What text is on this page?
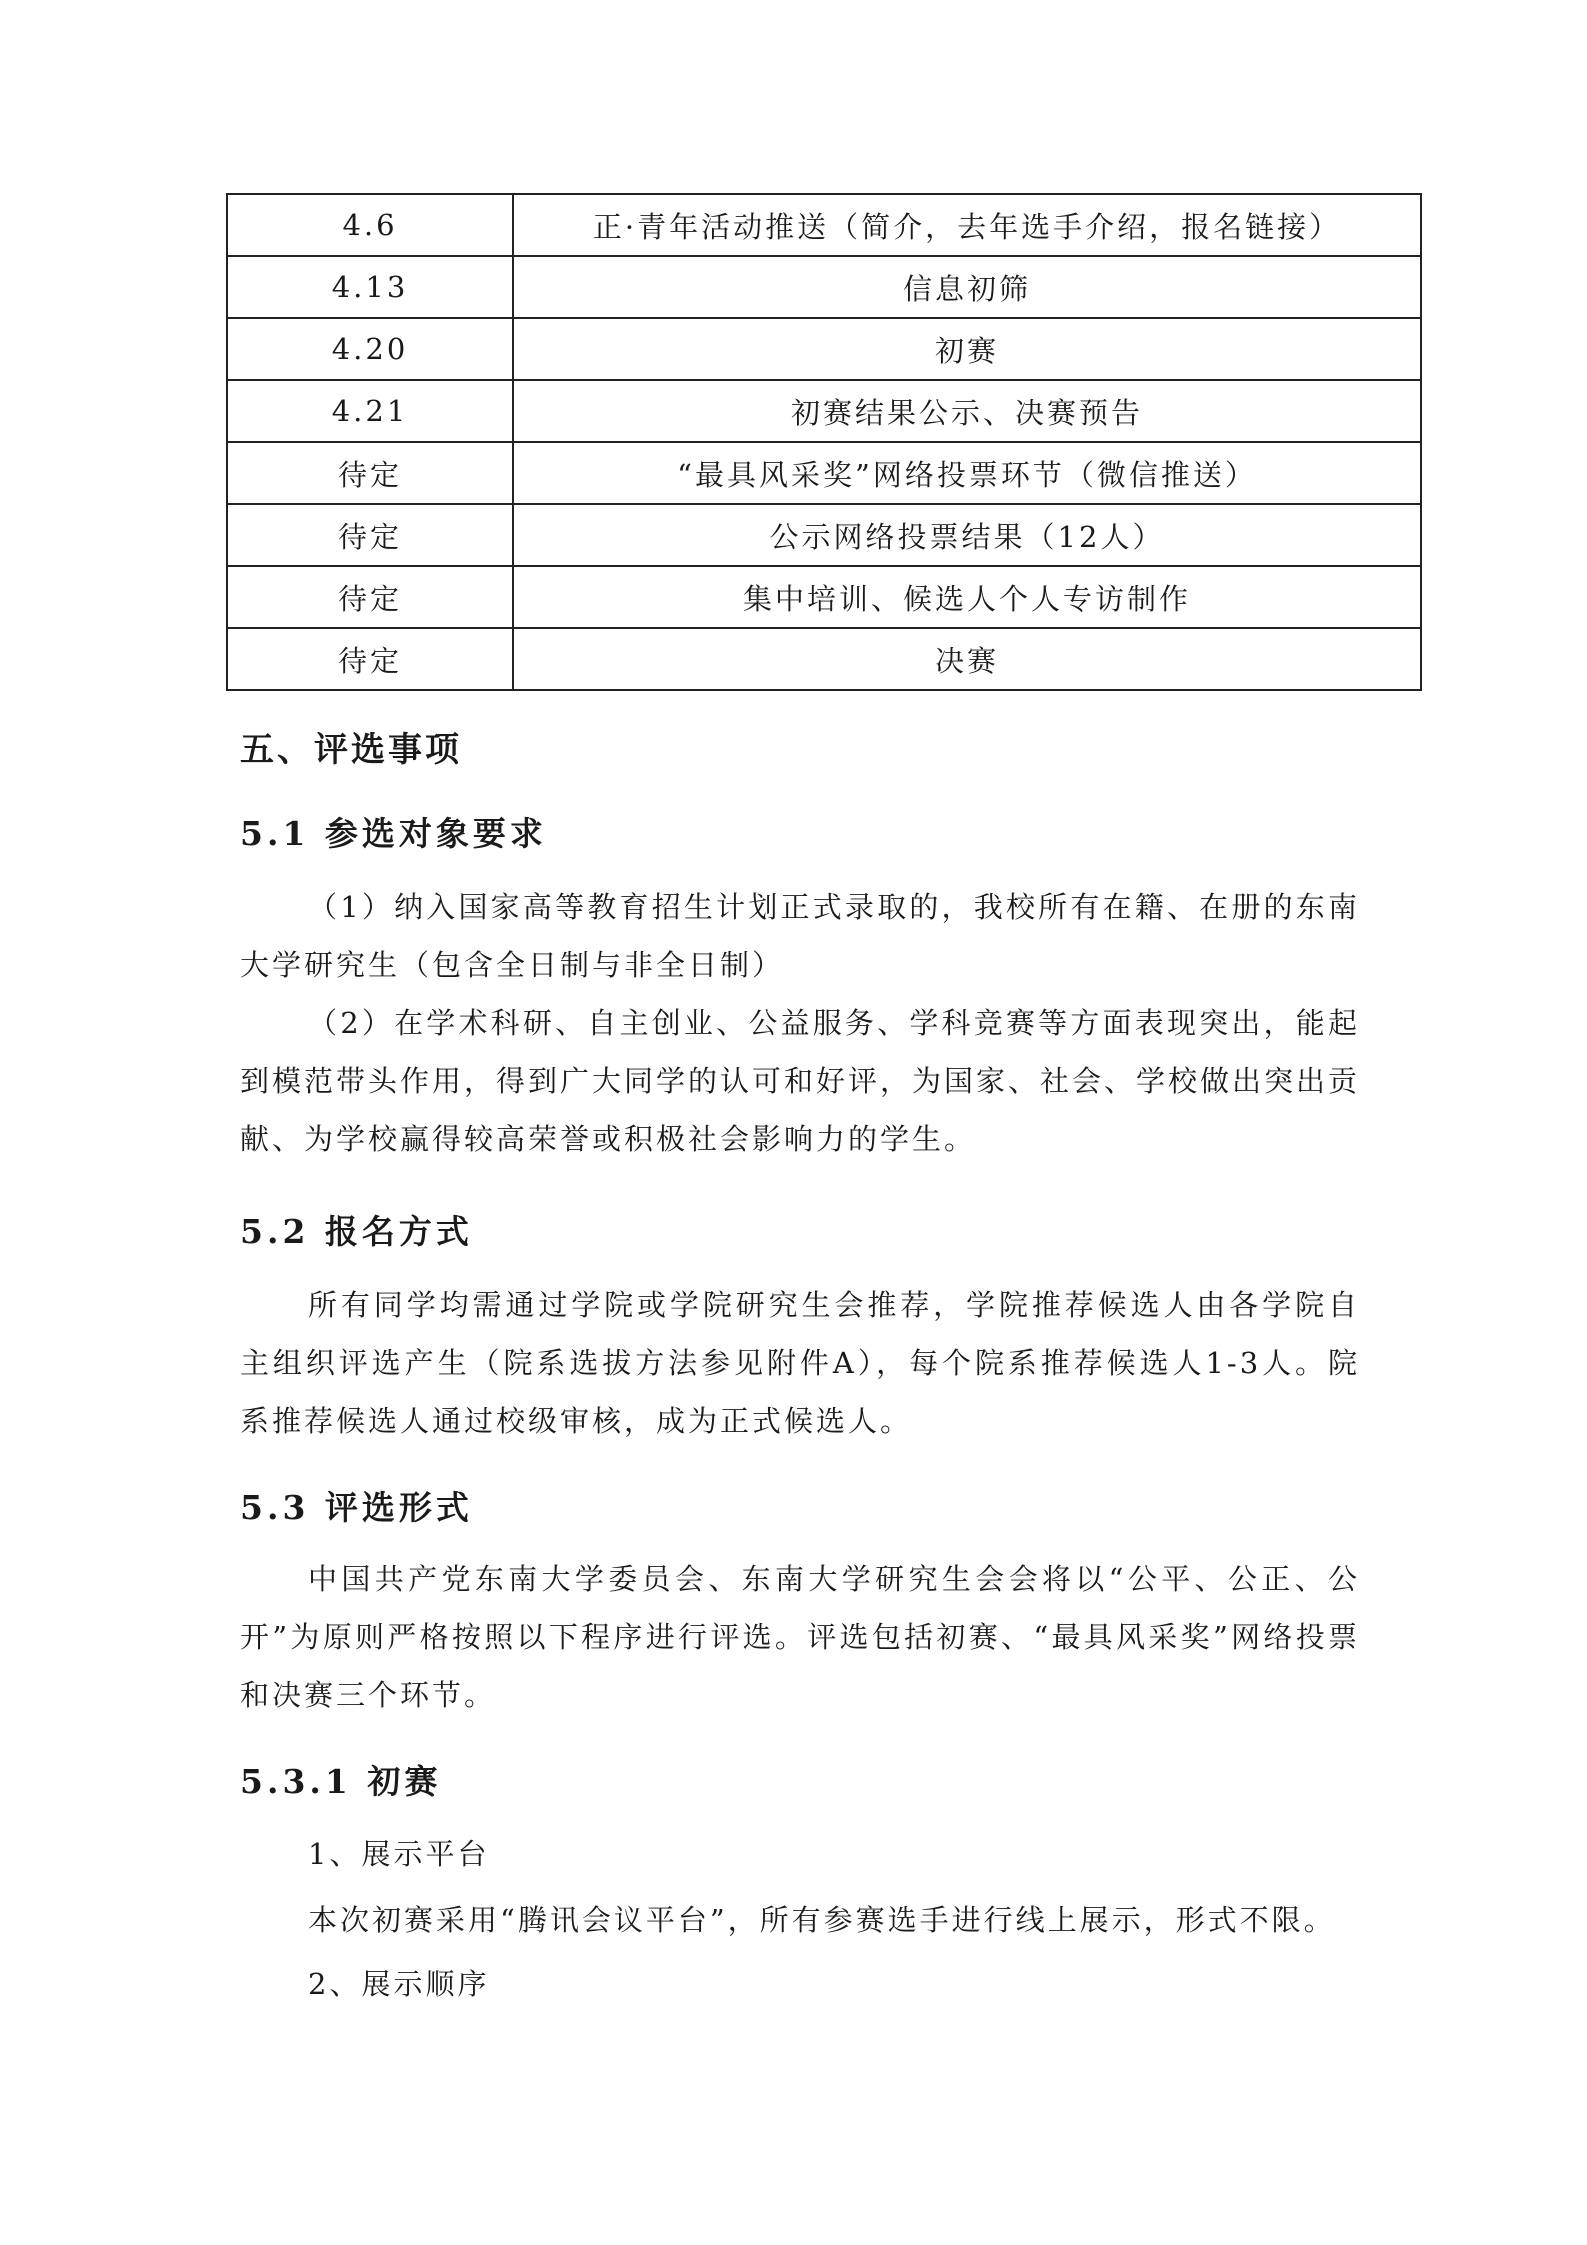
4.6	正·青年活动推送（简介，去年选手介绍，报名链接）
4.13	信息初筛
4.20	初赛
4.21	初赛结果公示、决赛预告
待定	“最具风采奖”网络投票环节（微信推送）
待定	公示网络投票结果（12人）
待定	集中培训、候选人个人专访制作
待定	决赛
五、评选事项
5.1 参选对象要求

（1）纳入国家高等教育招生计划正式录取的，我校所有在籍、在册的东南大学研究生（包含全日制与非全日制）

（2）在学术科研、自主创业、公益服务、学科竞赛等方面表现突出，能起到模范带头作用，得到广大同学的认可和好评，为国家、社会、学校做出突出贡献、为学校赢得较高荣誉或积极社会影响力的学生。

5.2 报名方式

所有同学均需通过学院或学院研究生会推荐，学院推荐候选人由各学院自主组织评选产生（院系选拔方法参见附件A），每个院系推荐候选人1-3人。院系推荐候选人通过校级审核，成为正式候选人。

5.3 评选形式

中国共产党东南大学委员会、东南大学研究生会会将以“公平、公正、公开”为原则严格按照以下程序进行评选。评选包括初赛、“最具风采奖”网络投票和决赛三个环节。

5.3.1 初赛

1、展示平台

本次初赛采用“腾讯会议平台”，所有参赛选手进行线上展示，形式不限。

2、展示顺序
